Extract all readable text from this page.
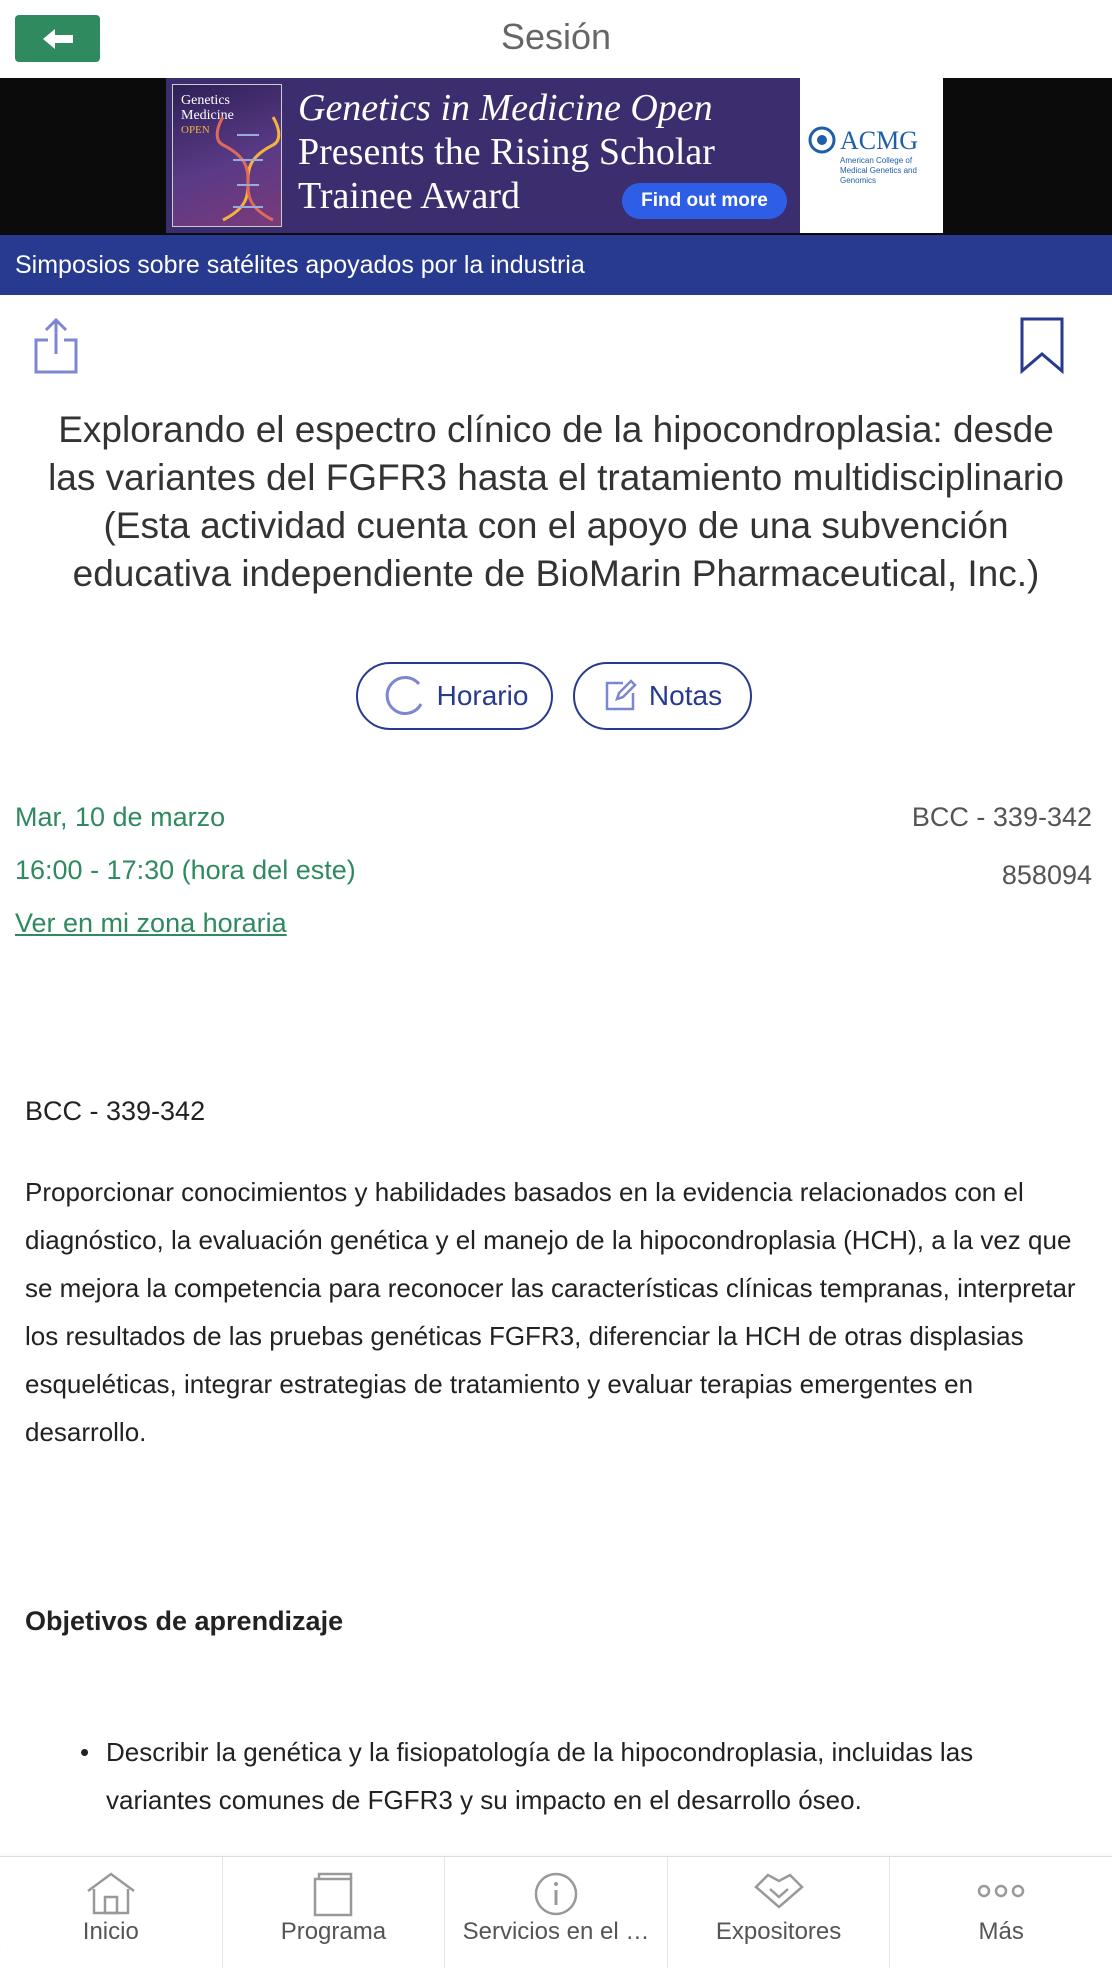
Sesión
Genetics Medicine
OPEN
Genetics in Medicine Open
Presents the Rising Scholar
Trainee Award	Find out more
ACMG
American College of Medical Genetics and Genomics
Simposios sobre satélites apoyados por la industria
Explorando el espectro clínico de la hipocondroplasia: desde las variantes del FGFR3 hasta el tratamiento multidisciplinario (Esta actividad cuenta con el apoyo de una subvención educativa independiente de BioMarin Pharmaceutical, Inc.)
Horario	Notas
Mar, 10 de marzo
16:00 - 17:30 (hora del este)
Ver en mi zona horaria
BCC - 339-342
858094
BCC - 339-342
Proporcionar conocimientos y habilidades basados en la evidencia relacionados con el diagnóstico, la evaluación genética y el manejo de la hipocondroplasia (HCH), a la vez que se mejora la competencia para reconocer las características clínicas tempranas, interpretar los resultados de las pruebas genéticas FGFR3, diferenciar la HCH de otras displasias esqueléticas, integrar estrategias de tratamiento y evaluar terapias emergentes en desarrollo.
Objetivos de aprendizaje
• Describir la genética y la fisiopatología de la hipocondroplasia, incluidas las variantes comunes de FGFR3 y su impacto en el desarrollo óseo.
Inicio	Programa	Servicios en el …	Expositores	Más
